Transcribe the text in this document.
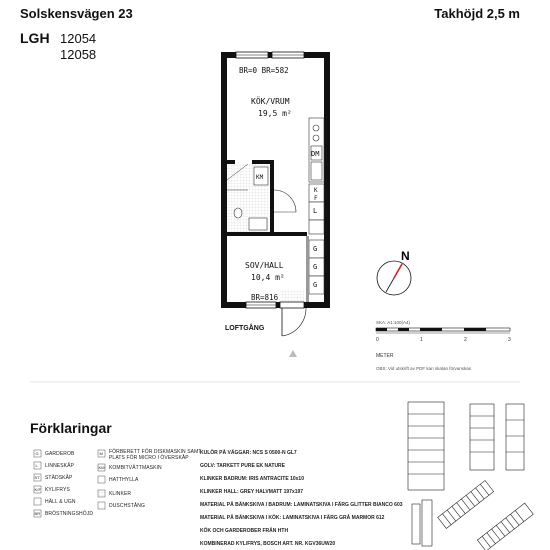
Solskensvägen 23	Takhöjd 2,5 m
LGH 12054
12058
BR=0 BR=582
KÖK/VRUM
19,5 m²
SOV/HALL
10,4 m²
BR=816
LOFTGÅNG
DM
K
F
L
G
G
G
KM
N
SKA: A1:100(A4)
0	1	2	3
METER
OBS: Vid utskrift av PDF kan skalan förvanskas
Förklaringar
GARDEROB
LINNESKÅP
STÄDSKÅP
KYL/FRYS
HÄLL & UGN
BRÖSTNINGSHÖJD
G
L
ST
K/F
BR
FÖRBERETT FÖR DISKMASKIN SAMT
PLATS FÖR MICRO I ÖVERSKÅP
KOMBITVÄTTMASKIN
HATTHYLLA
KLINKER
DUSCHSTÅNG
M
KM
KULÖR PÅ VÄGGAR: NCS S 0500-N GL7
GOLV: TARKETT PURE EK NATURE
KLINKER BADRUM: IRIS ANTRACITE 10x10
KLINKER HALL: GREY HALVMATT 197x197
MATERIAL PÅ BÄNKSKIVA I BADRUM: LAMINATSKIVA I FÄRG GLITTER BIANCO 603
MATERIAL PÅ BÄNKSKIVA I KÖK: LAMINATSKIVA I FÄRG GRÅ MARMOR 612
KÖK OCH GARDEROBER FRÅN HTH
KOMBINERAD KYL/FRYS, BOSCH ART. NR. KGV36UW20
